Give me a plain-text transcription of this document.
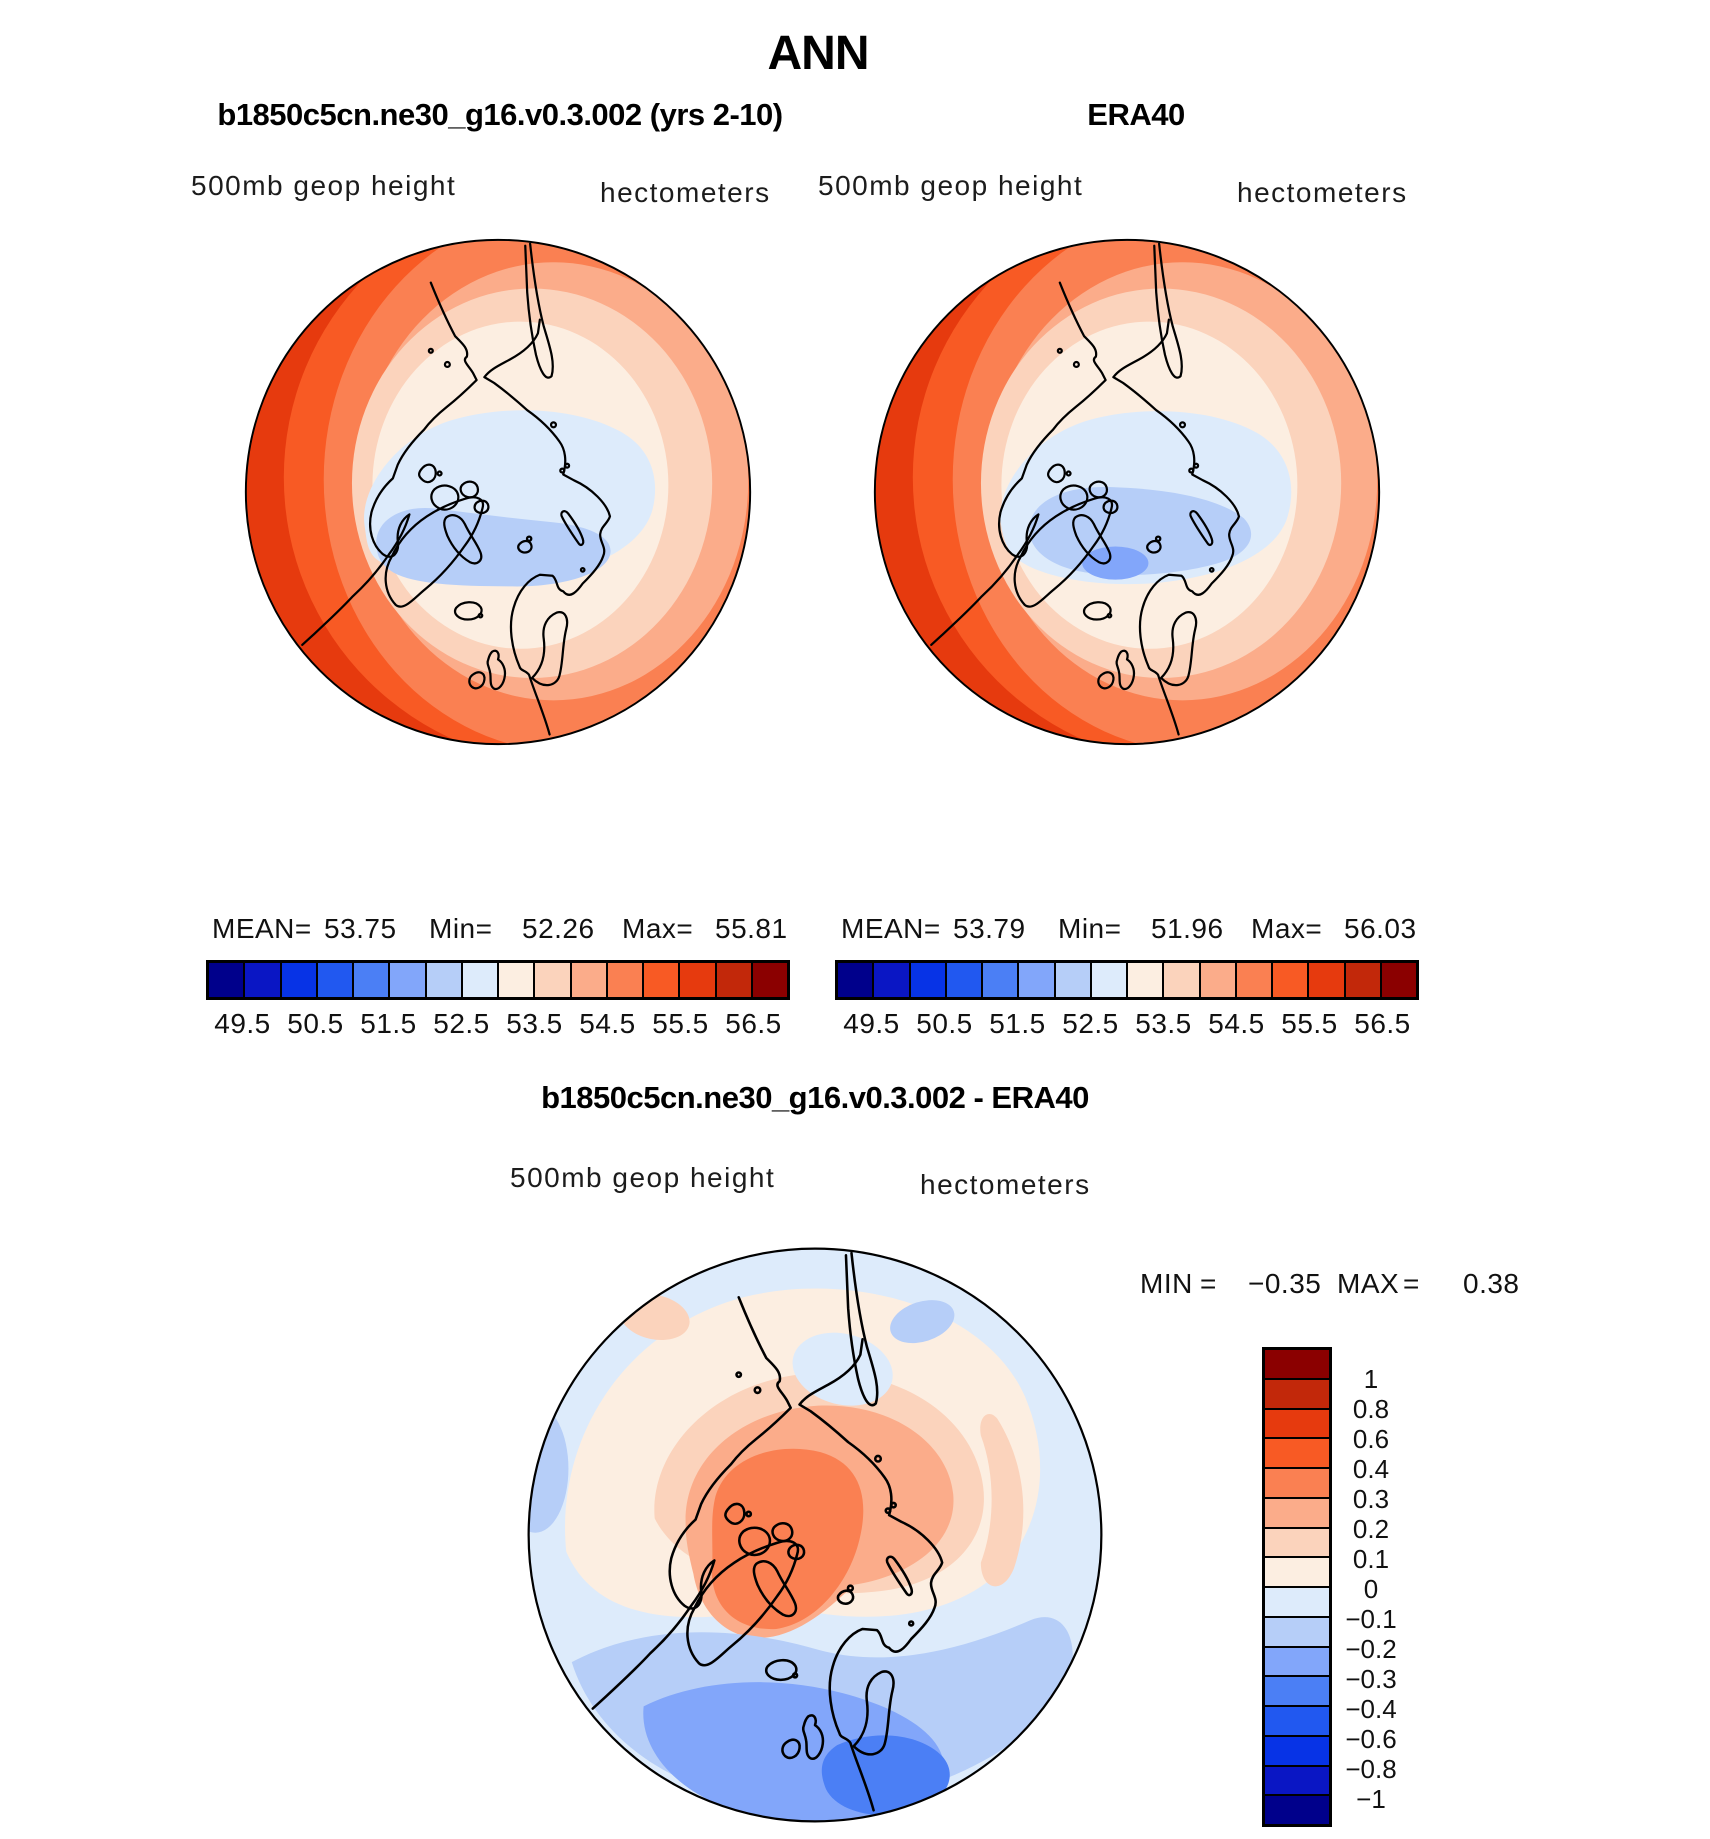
ANN
b1850c5cn.ne30_g16.v0.3.002 (yrs 2-10)	ERA40
500mb geop height	hectometers 500mb geop height	hectometers
MEAN= 53.75 Min= 52.26 Max= 55.81
49.5 50.5 51.5 52.5 53.5 54.5 55.5 56.5
MEAN= 53.79 Min= 51.96 Max= 56.03
49.5 50.5 51.5 52.5 53.5 54.5 55.5 56.5
b1850c5cn.ne30_g16.v0.3.002 - ERA40
500mb geop height	hectometers
MIN = −0.35 MAX = 0.38
1
0.8
0.6
0.4
0.3
0.2
0.1
0
−0.1
−0.2
−0.3
−0.4
−0.6
−0.8
−1
